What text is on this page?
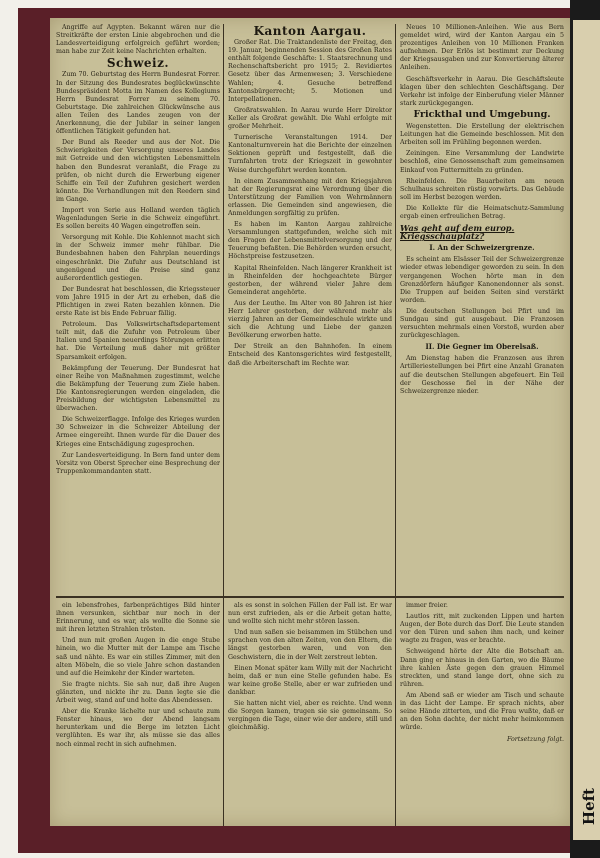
Heft

Angriffe auf Ägypten. Bekannt wären nur die Streitkräfte der ersten Linie abgebrochen und die Landesverteidigung erfolgreich geführt worden; man habe zur Zeit keine Nachrichten erhalten.

Schweiz.

Zum 70. Geburtstag des Herrn Bundesrat Forrer. In der Sitzung des Bundesrates beglückwünschte Bundespräsident Motta im Namen des Kollegiums Herrn Bundesrat Forrer zu seinem 70. Geburtstage. Die zahlreichen Glückwünsche aus allen Teilen des Landes zeugen von der Anerkennung, die der Jubilar in seiner langen öffentlichen Tätigkeit gefunden hat.

Der Bund als Reeder und aus der Not. Die Schwierigkeiten der Versorgung unseres Landes mit Getreide und den wichtigsten Lebensmitteln haben den Bundesrat veranlaßt, die Frage zu prüfen, ob nicht durch die Erwerbung eigener Schiffe ein Teil der Zufuhren gesichert werden könnte. Die Verhandlungen mit den Reedern sind im Gange.

Import von Serie aus Holland werden täglich Wagenladungen Serie in die Schweiz eingeführt. Es sollen bereits 40 Wagen eingetroffen sein.

Versorgung mit Kohle. Die Kohlennot macht sich in der Schweiz immer mehr fühlbar. Die Bundesbahnen haben den Fahrplan neuerdings eingeschränkt. Die Zufuhr aus Deutschland ist ungenügend und die Preise sind ganz außerordentlich gestiegen.

Der Bundesrat hat beschlossen, die Kriegssteuer vom Jahre 1915 in der Art zu erheben, daß die Pflichtigen in zwei Raten bezahlen können. Die erste Rate ist bis Ende Februar fällig.

Petroleum. Das Volkswirtschaftsdepartement teilt mit, daß die Zufuhr von Petroleum über Italien und Spanien neuerdings Störungen erlitten hat. Die Verteilung muß daher mit größter Sparsamkeit erfolgen.

Bekämpfung der Teuerung. Der Bundesrat hat einer Reihe von Maßnahmen zugestimmt, welche die Bekämpfung der Teuerung zum Ziele haben. Die Kantonsregierungen werden eingeladen, die Preisbildung der wichtigsten Lebensmittel zu überwachen.

Die Schweizerflagge. Infolge des Krieges wurden 30 Schweizer in die Schweizer Abteilung der Armee eingereiht. Ihnen wurde für die Dauer des Krieges eine Entschädigung zugesprochen.

Zur Landesverteidigung. In Bern fand unter dem Vorsitz von Oberst Sprecher eine Besprechung der Truppenkommandanten statt.

Kanton Aargau.

Großer Rat. Die Traktandenliste der Freitag, den 19. Januar, beginnenden Session des Großen Rates enthält folgende Geschäfte: 1. Staatsrechnung und Rechenschaftsbericht pro 1915; 2. Revidiertes Gesetz über das Armenwesen; 3. Verschiedene Wahlen; 4. Gesuche betreffend Kantonsbürgerrecht; 5. Motionen und Interpellationen.

Großratswahlen. In Aarau wurde Herr Direktor Keller als Großrat gewählt. Die Wahl erfolgte mit großer Mehrheit.

Turnerische Veranstaltungen 1914. Der Kantonalturnverein hat die Berichte der einzelnen Sektionen geprüft und festgestellt, daß die Turnfahrten trotz der Kriegszeit in gewohnter Weise durchgeführt werden konnten.

In einem Zusammenhang mit den Kriegsjahren hat der Regierungsrat eine Verordnung über die Unterstützung der Familien von Wehrmännern erlassen. Die Gemeinden sind angewiesen, die Anmeldungen sorgfältig zu prüfen.

Es haben im Kanton Aargau zahlreiche Versammlungen stattgefunden, welche sich mit den Fragen der Lebensmittelversorgung und der Teuerung befaßten. Die Behörden wurden ersucht, Höchstpreise festzusetzen.

Kapital Rheinfelden. Nach längerer Krankheit ist in Rheinfelden der hochgeachtete Bürger gestorben, der während vieler Jahre dem Gemeinderat angehörte.

Aus der Leuthe. Im Alter von 80 Jahren ist hier Herr Lehrer gestorben, der während mehr als vierzig Jahren an der Gemeindeschule wirkte und sich die Achtung und Liebe der ganzen Bevölkerung erworben hatte.

Der Streik an den Bahnhofen. In einem Entscheid des Kantonsgerichtes wird festgestellt, daß die Arbeiterschaft im Rechte war.

Neues 10 Millionen-Anleihen. Wie aus Bern gemeldet wird, wird der Kanton Aargau ein 5 prozentiges Anleihen von 10 Millionen Franken aufnehmen. Der Erlös ist bestimmt zur Deckung der Kriegsausgaben und zur Konvertierung älterer Anleihen.

Geschäftsverkehr in Aarau. Die Geschäftsleute klagen über den schlechten Geschäftsgang. Der Verkehr ist infolge der Einberufung vieler Männer stark zurückgegangen.

Frickthal und Umgebung.

Wegenstetten. Die Erstellung der elektrischen Leitungen hat die Gemeinde beschlossen. Mit den Arbeiten soll im Frühling begonnen werden.

Zeiningen. Eine Versammlung der Landwirte beschloß, eine Genossenschaft zum gemeinsamen Einkauf von Futtermitteln zu gründen.

Rheinfelden. Die Bauarbeiten am neuen Schulhaus schreiten rüstig vorwärts. Das Gebäude soll im Herbst bezogen werden.

Die Kollekte für die Heimatschutz-Sammlung ergab einen erfreulichen Betrag.

Was geht auf dem europ. Kriegsschauplatz?
I. An der Schweizergrenze.

Es scheint am Elsässer Teil der Schweizergrenze wieder etwas lebendiger geworden zu sein. In den vergangenen Wochen hörte man in den Grenzdörfern häufiger Kanonendonner als sonst. Die Truppen auf beiden Seiten sind verstärkt worden.

Die deutschen Stellungen bei Pfirt und im Sundgau sind gut ausgebaut. Die Franzosen versuchten mehrmals einen Vorstoß, wurden aber zurückgeschlagen.

II. Die Gegner im Oberelsaß.

Am Dienstag haben die Franzosen aus ihren Artilleriestellungen bei Pfirt eine Anzahl Granaten auf die deutschen Stellungen abgefeuert. Ein Teil der Geschosse fiel in der Nähe der Schweizergrenze nieder.

ein lebensfrohes, farbenprächtiges Bild hinter ihnen versunken, sichtbar nur noch in der Erinnerung, und es war, als wollte die Sonne sie mit ihren letzten Strahlen trösten.

Und nun mit großen Augen in die enge Stube hinein, wo die Mutter mit der Lampe am Tische saß und nähte. Es war ein stilles Zimmer, mit den alten Möbeln, die so viele Jahre schon dastanden und auf die Heimkehr der Kinder warteten.

Sie fragte nichts. Sie sah nur, daß ihre Augen glänzten, und nickte ihr zu. Dann legte sie die Arbeit weg, stand auf und holte das Abendessen.

Aber die Kranke lächelte nur und schaute zum Fenster hinaus, wo der Abend langsam herunterkam und die Berge im letzten Licht verglühten. Es war ihr, als müsse sie das alles noch einmal recht in sich aufnehmen.

als es sonst in solchen Fällen der Fall ist. Er war nun erst zufrieden, als er die Arbeit getan hatte, und wollte sich nicht mehr stören lassen.

Und nun saßen sie beisammen im Stübchen und sprachen von den alten Zeiten, von den Eltern, die längst gestorben waren, und von den Geschwistern, die in der Welt zerstreut lebten.

Einen Monat später kam Willy mit der Nachricht heim, daß er nun eine Stelle gefunden habe. Es war keine große Stelle, aber er war zufrieden und dankbar.

Sie hatten nicht viel, aber es reichte. Und wenn die Sorgen kamen, trugen sie sie gemeinsam. So vergingen die Tage, einer wie der andere, still und gleichmäßig.

immer freier.

Lautlos ritt, mit zuckenden Lippen und harten Augen, der Bote durch das Dorf. Die Leute standen vor den Türen und sahen ihm nach, und keiner wagte zu fragen, was er brachte.

Schweigend hörte der Alte die Botschaft an. Dann ging er hinaus in den Garten, wo die Bäume ihre kahlen Äste gegen den grauen Himmel streckten, und stand lange dort, ohne sich zu rühren.

Am Abend saß er wieder am Tisch und schaute in das Licht der Lampe. Er sprach nichts, aber seine Hände zitterten, und die Frau wußte, daß er an den Sohn dachte, der nicht mehr heimkommen würde.

Fortsetzung folgt.
